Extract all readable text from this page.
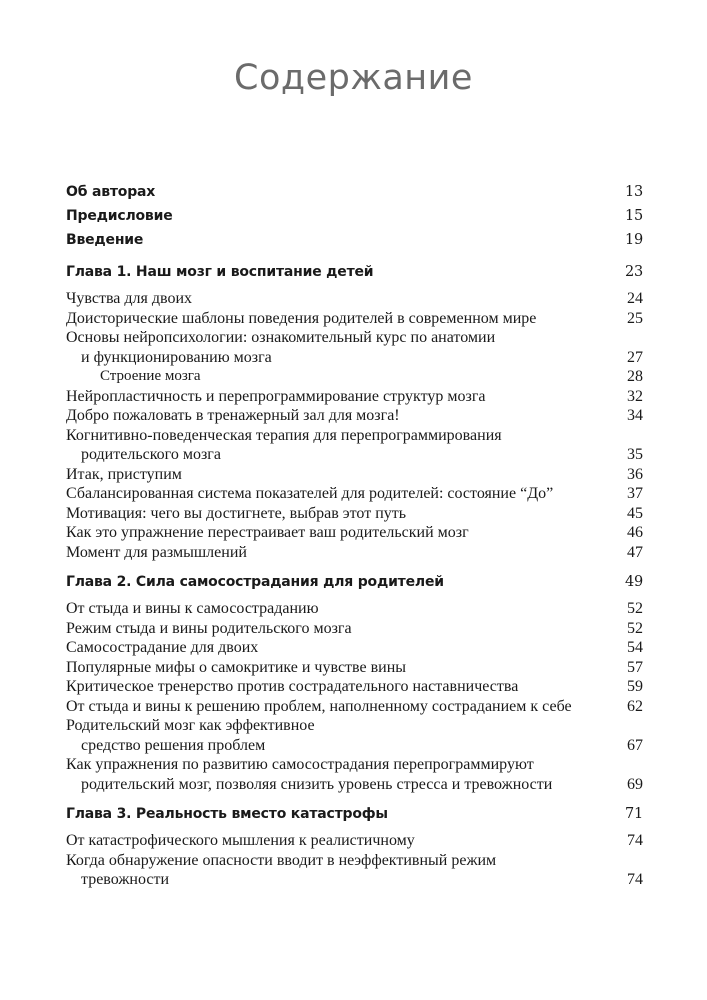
Содержание
Об авторах	13
Предисловие	15
Введение	19
Глава 1. Наш мозг и воспитание детей	23
Чувства для двоих	24
Доисторические шаблоны поведения родителей в современном мире	25
Основы нейропсихологии: ознакомительный курс по анатомии
и функционированию мозга	27
Строение мозга	28
Нейропластичность и перепрограммирование структур мозга	32
Добро пожаловать в тренажерный зал для мозга!	34
Когнитивно-поведенческая терапия для перепрограммирования
родительского мозга	35
Итак, приступим	36
Сбалансированная система показателей для родителей: состояние “До”	37
Мотивация: чего вы достигнете, выбрав этот путь	45
Как это упражнение перестраивает ваш родительский мозг	46
Момент для размышлений	47
Глава 2. Сила самосострадания для родителей	49
От стыда и вины к самосостраданию	52
Режим стыда и вины родительского мозга	52
Самосострадание для двоих	54
Популярные мифы о самокритике и чувстве вины	57
Критическое тренерство против сострадательного наставничества	59
От стыда и вины к решению проблем, наполненному состраданием к себе	62
Родительский мозг как эффективное
средство решения проблем	67
Как упражнения по развитию самосострадания перепрограммируют
родительский мозг, позволяя снизить уровень стресса и тревожности	69
Глава 3. Реальность вместо катастрофы	71
От катастрофического мышления к реалистичному	74
Когда обнаружение опасности вводит в неэффективный режим
тревожности	74
